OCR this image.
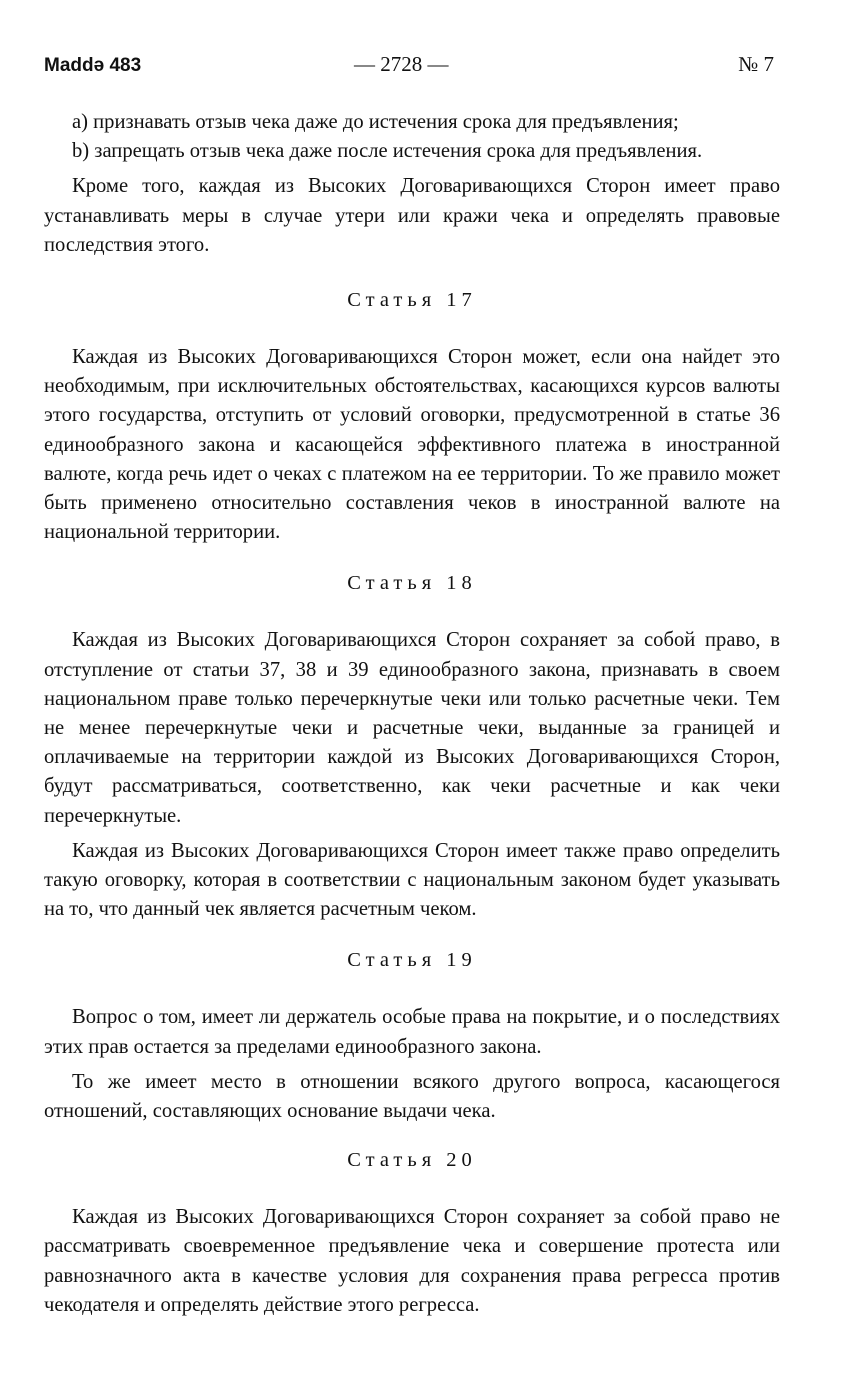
Maddə 483	— 2728 —	№ 7

а) признавать отзыв чека даже до истечения срока для предъявления;

b) запрещать отзыв чека даже после истечения срока для предъявления.

Кроме того, каждая из Высоких Договаривающихся Сторон имеет право устанавливать меры в случае утери или кражи чека и определять правовые последствия этого.

Статья 17

Каждая из Высоких Договаривающихся Сторон может, если она найдет это необходимым, при исключительных обстоятельствах, касающихся курсов валюты этого государства, отступить от условий оговорки, предусмотренной в статье 36 единообразного закона и касающейся эффективного платежа в иностранной валюте, когда речь идет о чеках с платежом на ее территории. То же правило может быть применено относительно составления чеков в иностранной валюте на национальной территории.

Статья 18

Каждая из Высоких Договаривающихся Сторон сохраняет за собой право, в отступление от статьи 37, 38 и 39 единообразного закона, признавать в своем национальном праве только перечеркнутые чеки или только расчетные чеки. Тем не менее перечеркнутые чеки и расчетные чеки, выданные за границей и оплачиваемые на территории каждой из Высоких Договаривающихся Сторон, будут рассматриваться, соответственно, как чеки расчетные и как чеки перечеркнутые.

Каждая из Высоких Договаривающихся Сторон имеет также право определить такую оговорку, которая в соответствии с национальным законом будет указывать на то, что данный чек является расчетным чеком.

Статья 19

Вопрос о том, имеет ли держатель особые права на покрытие, и о последствиях этих прав остается за пределами единообразного закона.

То же имеет место в отношении всякого другого вопроса, касающегося отношений, составляющих основание выдачи чека.

Статья 20

Каждая из Высоких Договаривающихся Сторон сохраняет за собой право не рассматривать своевременное предъявление чека и совершение протеста или равнозначного акта в качестве условия для сохранения права регресса против чекодателя и определять действие этого регресса.
